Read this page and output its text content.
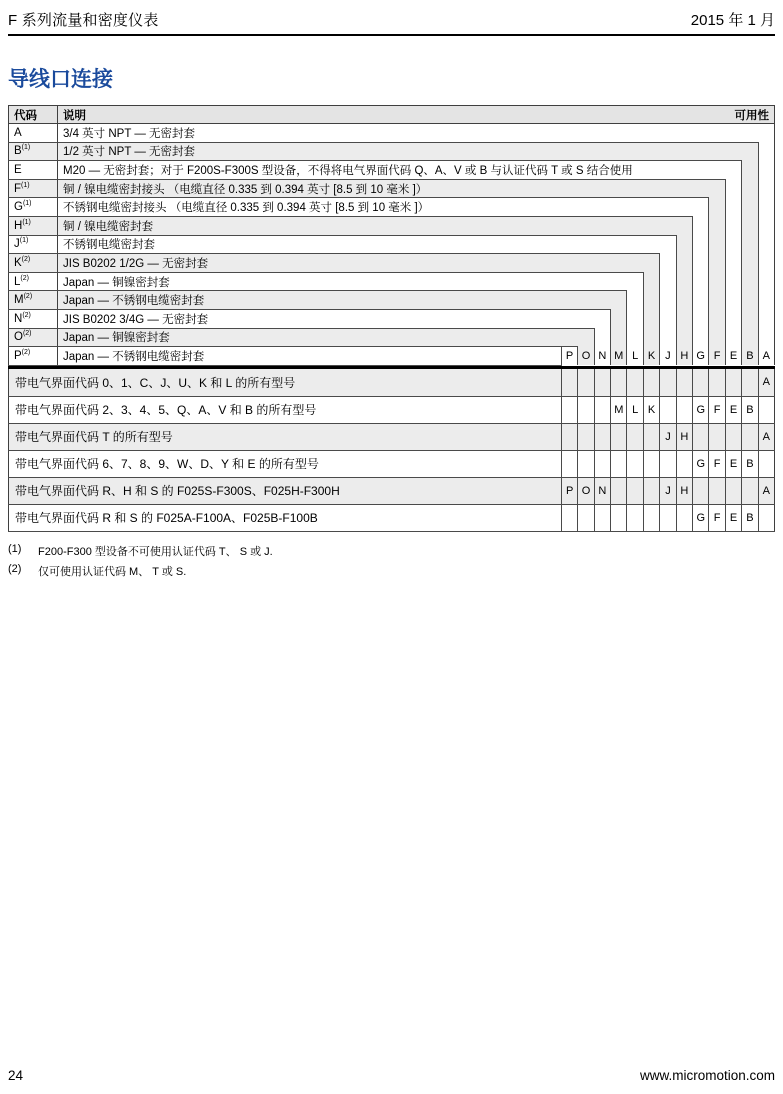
F 系列流量和密度仪表	2015 年 1 月
导线口连接
代码	说明 可用性													

A	3/4 英寸 NPT — 无密封套													
$B^{(1)}$	1/2 英寸 NPT — 无密封套													
E	M20 — 无密封套；对于 F200S-F300S 型设备，不得将电气界面代码 Q、A、V 或 B 与认证代码 T 或 S 结合使用													
$F^{(1)}$	铜 / 镍电缆密封接头 （电缆直径 0.335 到 0.394 英寸 [8.5 到 10 毫米 ]）													
$G^{(1)}$	不锈钢电缆密封接头 （电缆直径 0.335 到 0.394 英寸 [8.5 到 10 毫米 ]）													
$H^{(1)}$	铜 / 镍电缆密封套													
$J^{(1)}$	不锈钢电缆密封套													
$K^{(2)}$	JIS B0202 1/2G — 无密封套													
$L^{(2)}$	Japan — 铜镍密封套													
$M^{(2)}$	Japan — 不锈钢电缆密封套													
$N^{(2)}$	JIS B0202 3/4G — 无密封套													
$O^{(2)}$	Japan — 铜镍密封套													
$P^{(2)}$	Japan — 不锈钢电缆密封套	P	O	N	M	L	K	J	H	G	F	E	B	A
带电气界面代码 0、1、C、J、U、K 和 L 的所有型号													A
带电气界面代码 2、3、4、5、Q、A、V 和 B 的所有型号				M	L	K			G	F	E	B	
带电气界面代码 T 的所有型号							J	H					A
带电气界面代码 6、7、8、9、W、D、Y 和 E 的所有型号									G	F	E	B	
带电气界面代码 R、H 和 S 的 F025S-F300S、F025H-F300H	P	O	N				J	H					A
带电气界面代码 R 和 S 的 F025A-F100A、F025B-F100B									G	F	E	B	
(1)	F200-F300 型设备不可使用认证代码 T、 S 或 J.
(2)	仅可使用认证代码 M、 T 或 S.
24	www.micromotion.com
